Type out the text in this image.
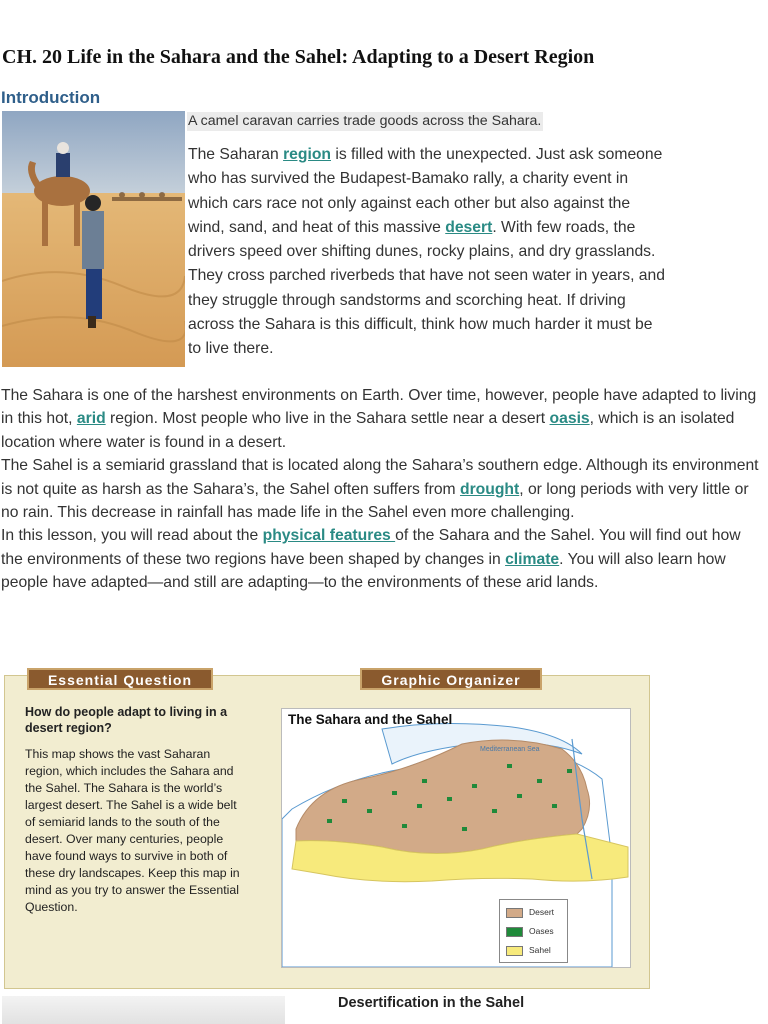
CH. 20 Life in the Sahara and the Sahel: Adapting to a Desert Region
Introduction
A camel caravan carries trade goods across the Sahara.
The Saharan region is filled with the unexpected. Just ask someone who has survived the Budapest-Bamako rally, a charity event in which cars race not only against each other but also against the wind, sand, and heat of this massive desert. With few roads, the drivers speed over shifting dunes, rocky plains, and dry grasslands. They cross parched riverbeds that have not seen water in years, and they struggle through sandstorms and scorching heat. If driving across the Sahara is this difficult, think how much harder it must be to live there.

The Sahara is one of the harshest environments on Earth. Over time, however, people have adapted to living in this hot, arid region. Most people who live in the Sahara settle near a desert oasis, which is an isolated location where water is found in a desert.

The Sahel is a semiarid grassland that is located along the Sahara’s southern edge. Although its environment is not quite as harsh as the Sahara’s, the Sahel often suffers from drought, or long periods with very little or no rain. This decrease in rainfall has made life in the Sahel even more challenging.

In this lesson, you will read about the physical features of the Sahara and the Sahel. You will find out how the environments of these two regions have been shaped by changes in climate. You will also learn how people have adapted—and still are adapting—to the environments of these arid lands.

Essential Question	Graphic Organizer
How do people adapt to living in a desert region?
This map shows the vast Saharan region, which includes the Sahara and the Sahel. The Sahara is the world’s largest desert. The Sahel is a wide belt of semiarid lands to the south of the desert. Over many centuries, people have found ways to survive in both of these dry landscapes. Keep this map in mind as you try to answer the Essential Question.
Mediterranean Sea
The Sahara and the Sahel
Desert
Oases
Sahel
Desertification in the Sahel
